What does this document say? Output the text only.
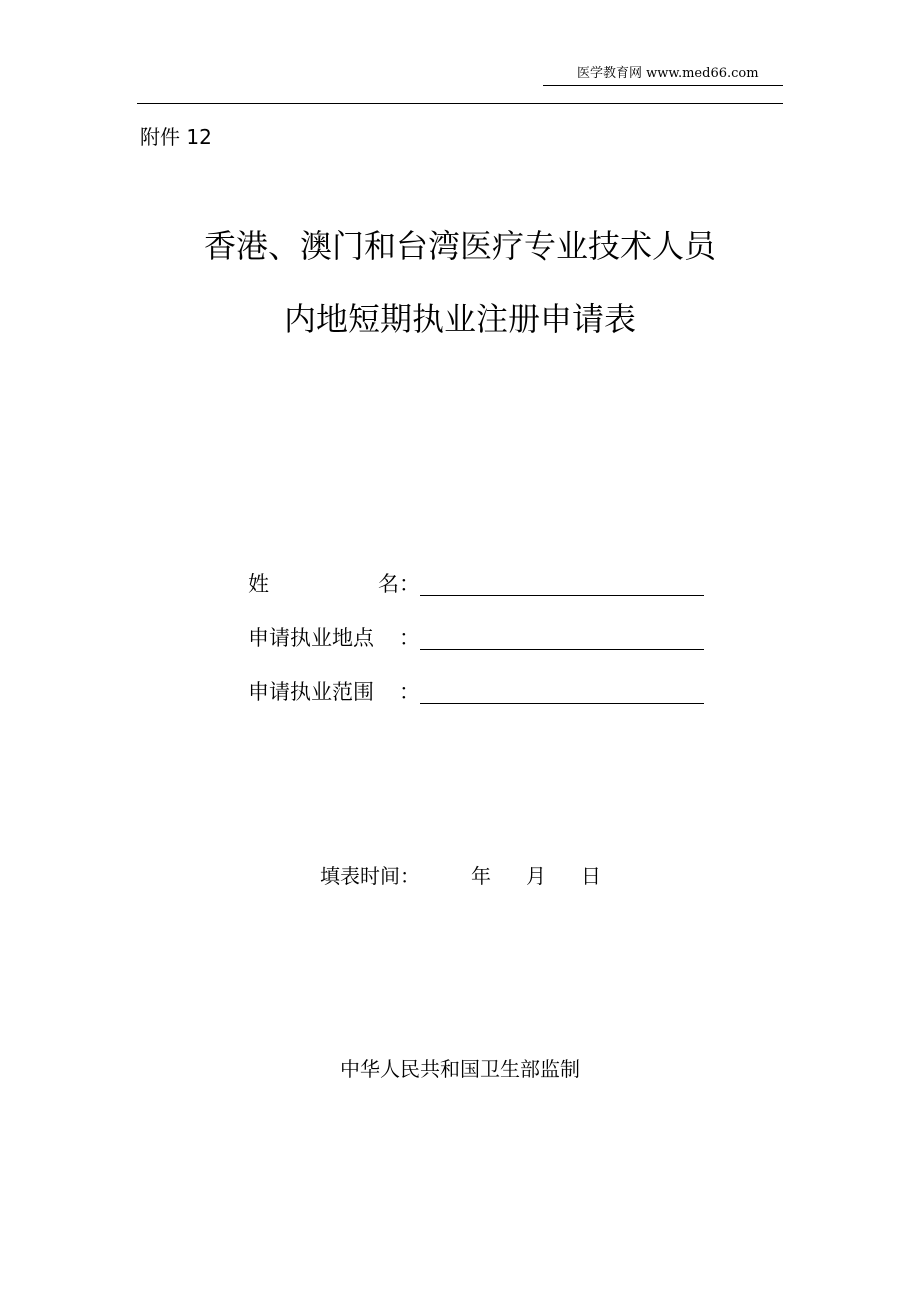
医学教育网 www.med66.com
附件 12
香港、澳门和台湾医疗专业技术人员
内地短期执业注册申请表
姓	名 ：
申请执业地点 ：
申请执业范围 ：
填表时间：	年 月 日
中华人民共和国卫生部监制
